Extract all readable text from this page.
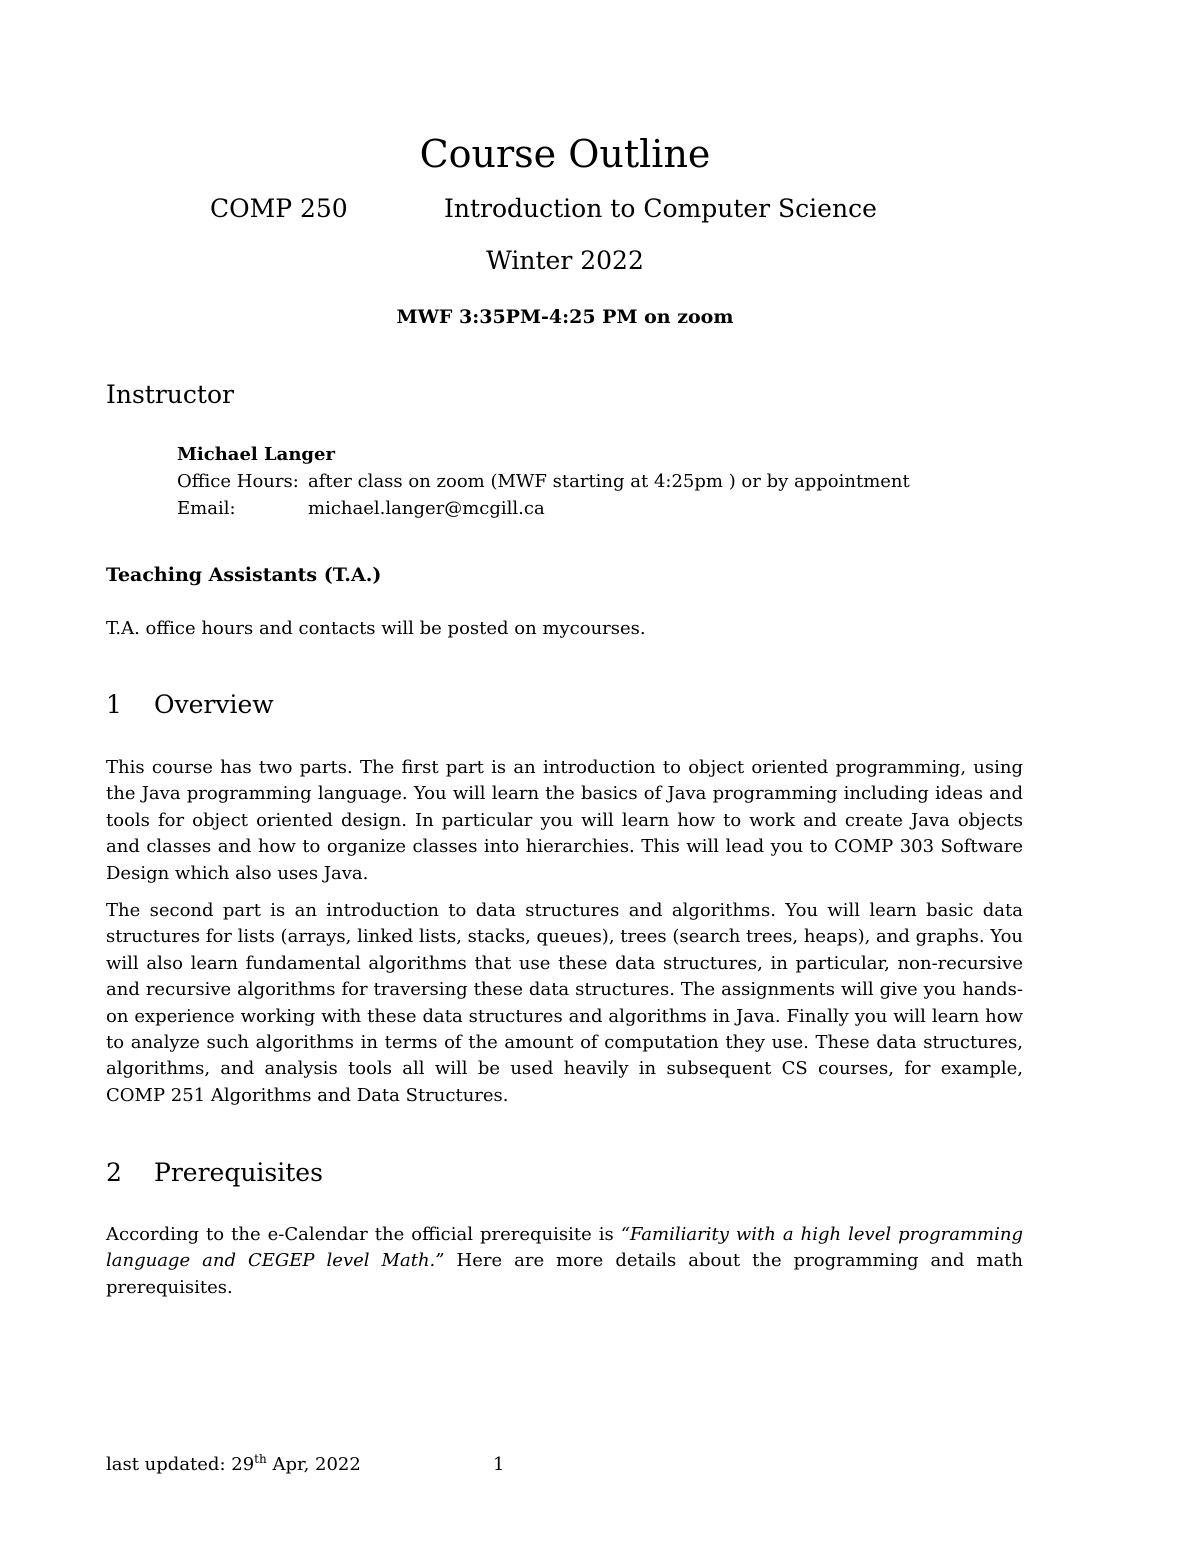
Course Outline
COMP 250	Introduction to Computer Science
Winter 2022
MWF 3:35PM-4:25 PM on zoom
Instructor
Michael Langer
Office Hours: after class on zoom (MWF starting at 4:25pm ) or by appointment
Email:	michael.langer@mcgill.ca
Teaching Assistants (T.A.)
T.A. office hours and contacts will be posted on mycourses.
1 Overview

This course has two parts. The first part is an introduction to object oriented programming, using the Java programming language. You will learn the basics of Java programming including ideas and tools for object oriented design. In particular you will learn how to work and create Java objects and classes and how to organize classes into hierarchies. This will lead you to COMP 303 Software Design which also uses Java.

The second part is an introduction to data structures and algorithms. You will learn basic data structures for lists (arrays, linked lists, stacks, queues), trees (search trees, heaps), and graphs. You will also learn fundamental algorithms that use these data structures, in particular, non-recursive and recursive algorithms for traversing these data structures. The assignments will give you hands-on experience working with these data structures and algorithms in Java. Finally you will learn how to analyze such algorithms in terms of the amount of computation they use. These data structures, algorithms, and analysis tools all will be used heavily in subsequent CS courses, for example, COMP 251 Algorithms and Data Structures.

2 Prerequisites

According to the e-Calendar the official prerequisite is “Familiarity with a high level programming language and CEGEP level Math.” Here are more details about the programming and math prerequisites.

last updated: 29th Apr, 2022	1
